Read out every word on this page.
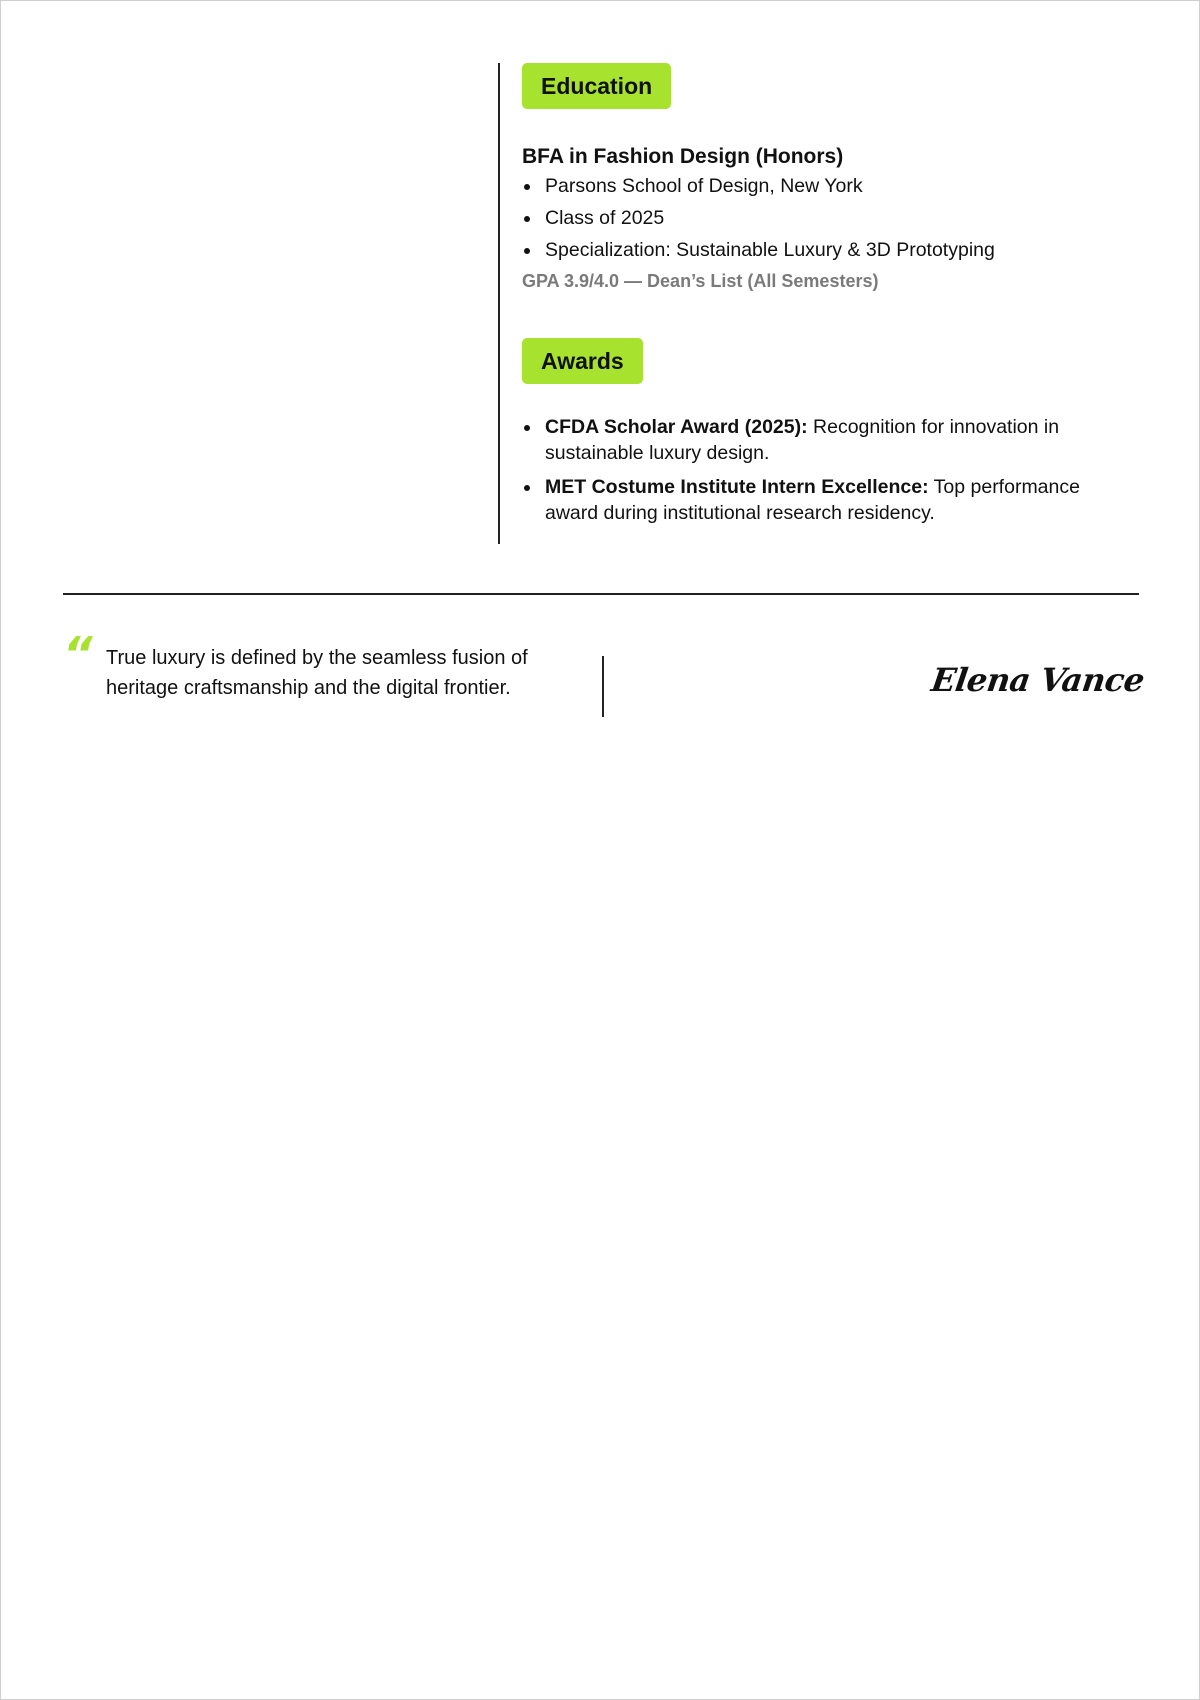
Education
BFA in Fashion Design (Honors)
Parsons School of Design, New York
Class of 2025
Specialization: Sustainable Luxury & 3D Prototyping
GPA 3.9/4.0 — Dean’s List (All Semesters)
Awards
CFDA Scholar Award (2025): Recognition for innovation in sustainable luxury design.
MET Costume Institute Intern Excellence: Top performance award during institutional research residency.
“ True luxury is defined by the seamless fusion of heritage craftsmanship and the digital frontier.	Elena Vance
